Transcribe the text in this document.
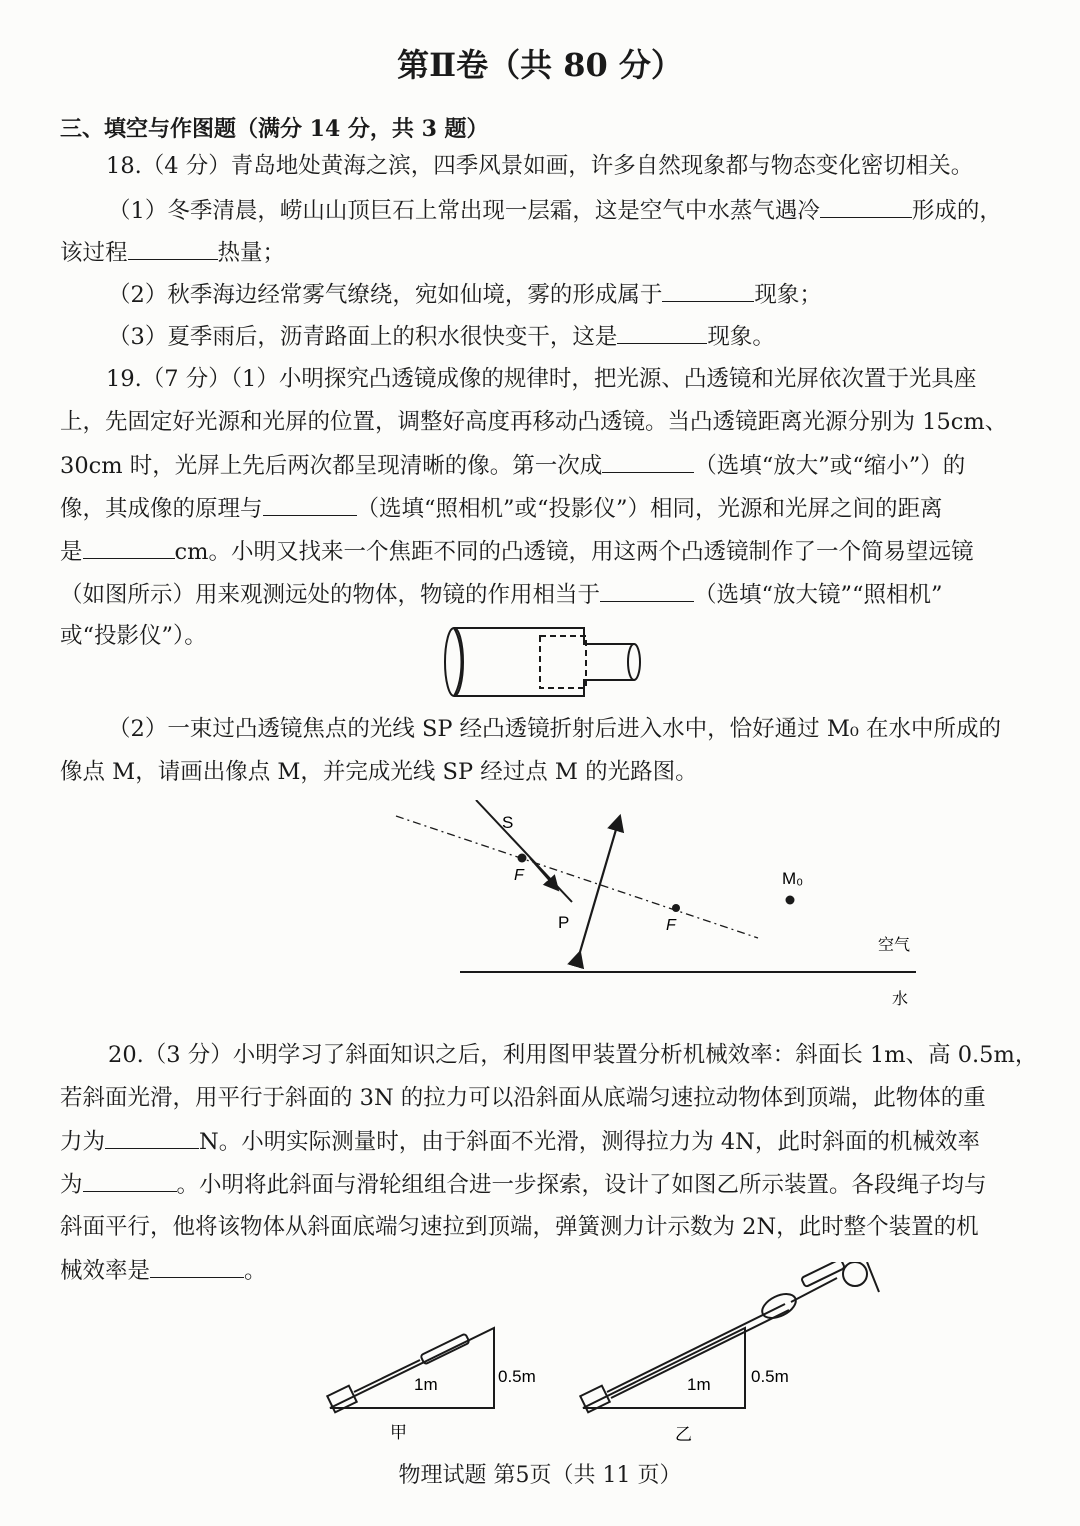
第Ⅱ卷（共 80 分）
三、填空与作图题（满分 14 分，共 3 题）
18.（4 分）青岛地处黄海之滨，四季风景如画，许多自然现象都与物态变化密切相关。
（1）冬季清晨，崂山山顶巨石上常出现一层霜，这是空气中水蒸气遇冷	形成的，
该过程	热量；
（2）秋季海边经常雾气缭绕，宛如仙境，雾的形成属于	现象；
（3）夏季雨后，沥青路面上的积水很快变干，这是	现象。
19.（7 分）（1）小明探究凸透镜成像的规律时，把光源、凸透镜和光屏依次置于光具座
上，先固定好光源和光屏的位置，调整好高度再移动凸透镜。当凸透镜距离光源分别为 15cm、
30cm 时，光屏上先后两次都呈现清晰的像。第一次成	（选填“放大”或“缩小”）的
像，其成像的原理与	（选填“照相机”或“投影仪”）相同，光源和光屏之间的距离
是	cm。小明又找来一个焦距不同的凸透镜，用这两个凸透镜制作了一个简易望远镜
（如图所示）用来观测远处的物体，物镜的作用相当于	（选填“放大镜”“照相机”
或“投影仪”）。
（2）一束过凸透镜焦点的光线 SP 经凸透镜折射后进入水中，恰好通过 M₀ 在水中所成的
像点 M，请画出像点 M，并完成光线 SP 经过点 M 的光路图。
S
F
P	F
M₀
空气
水
20.（3 分）小明学习了斜面知识之后，利用图甲装置分析机械效率：斜面长 1m、高 0.5m，
若斜面光滑，用平行于斜面的 3N 的拉力可以沿斜面从底端匀速拉动物体到顶端，此物体的重
力为	N。小明实际测量时，由于斜面不光滑，测得拉力为 4N，此时斜面的机械效率
为	。小明将此斜面与滑轮组组合进一步探索，设计了如图乙所示装置。各段绳子均与
斜面平行，他将该物体从斜面底端匀速拉到顶端，弹簧测力计示数为 2N，此时整个装置的机
械效率是	。
1m	0.5m
甲
1m 0.5m
乙
物理试题 第5页（共 11 页）
